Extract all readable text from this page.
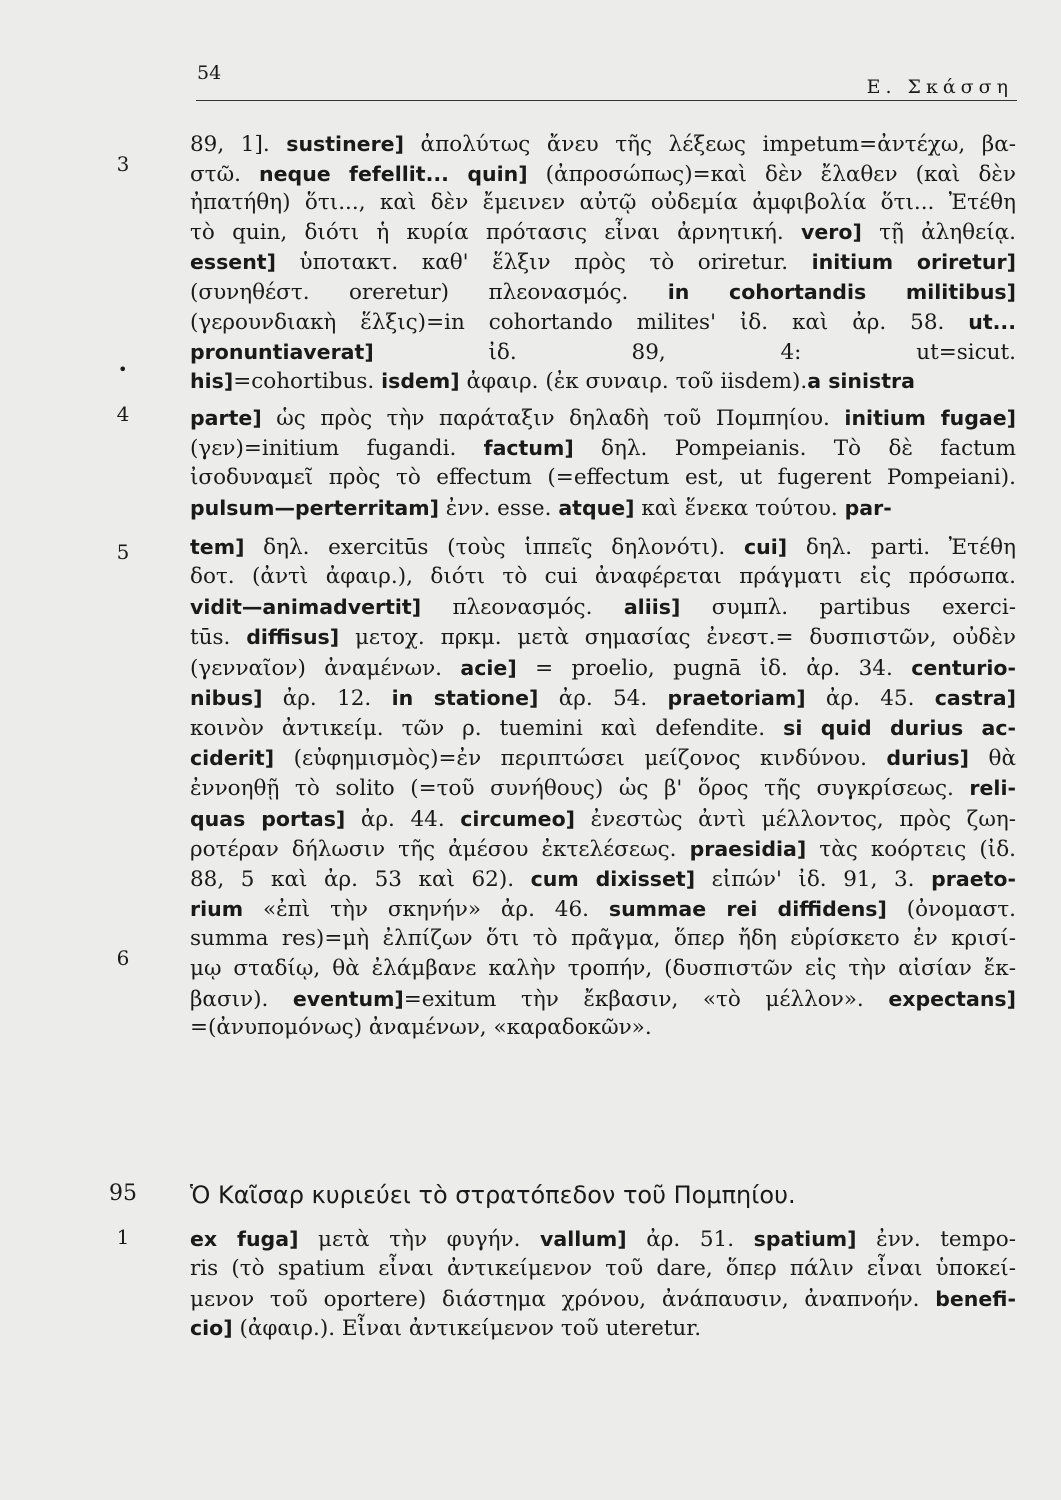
54
Ε. Σκάσση
3
•
4
5
6
95
1
Ὁ Καῖσαρ κυριεύει τὸ στρατόπεδον τοῦ Πομπηίου.
89, 1]. sustinere] ἀπολύτως ἄνευ τῆς λέξεως impetum=ἀντέχω, βα-
στῶ. neque fefellit... quin] (ἀπροσώπως)=καὶ δὲν ἔλαθεν (καὶ δὲν
ἠπατήθη) ὅτι..., καὶ δὲν ἔμεινεν αὐτῷ οὐδεμία ἀμφιβολία ὅτι... Ἐτέθη
τὸ quin, διότι ἡ κυρία πρότασις εἶναι ἀρνητική. vero] τῇ ἀληθείᾳ.
essent] ὑποτακτ. καθ' ἕλξιν πρὸς τὸ oriretur. initium oriretur]
(συνηθέστ. oreretur) πλεονασμός. in cohortandis militibus]
(γερουνδιακὴ ἕλξις)=in cohortando milites' ἰδ. καὶ ἀρ. 58. ut...
pronuntiaverat] ἰδ. 89, 4: ut=sicut.
his]=cohortibus. isdem] ἀφαιρ. (ἐκ συναιρ. τοῦ iisdem).a sinistra
parte] ὡς πρὸς τὴν παράταξιν δηλαδὴ τοῦ Πομπηίου. initium fugae]
(γεν)=initium fugandi. factum] δηλ. Pompeianis. Τὸ δὲ factum
ἰσοδυναμεῖ πρὸς τὸ effectum (=effectum est, ut fugerent Pompeiani).
pulsum—perterritam] ἐνν. esse. atque] καὶ ἕνεκα τούτου. par-
tem] δηλ. exercitūs (τοὺς ἱππεῖς δηλονότι). cui] δηλ. parti. Ἐτέθη
δοτ. (ἀντὶ ἀφαιρ.), διότι τὸ cui ἀναφέρεται πράγματι εἰς πρόσωπα.
vidit—animadvertit] πλεονασμός. aliis] συμπλ. partibus exerci-
tūs. diffisus] μετοχ. πρκμ. μετὰ σημασίας ἐνεστ.= δυσπιστῶν, οὐδὲν
(γενναῖον) ἀναμένων. acie] = proelio, pugnā ἰδ. ἀρ. 34. centurio-
nibus] ἀρ. 12. in statione] ἀρ. 54. praetoriam] ἀρ. 45. castra]
κοινὸν ἀντικείμ. τῶν ρ. tuemini καὶ defendite. si quid durius ac-
ciderit] (εὐφημισμὸς)=ἐν περιπτώσει μείζονος κινδύνου. durius] θὰ
ἐννοηθῇ τὸ solito (=τοῦ συνήθους) ὡς β' ὅρος τῆς συγκρίσεως. reli-
quas portas] ἀρ. 44. circumeo] ἐνεστὼς ἀντὶ μέλλοντος, πρὸς ζωη-
ροτέραν δήλωσιν τῆς ἀμέσου ἐκτελέσεως. praesidia] τὰς κοόρτεις (ἰδ.
88, 5 καὶ ἀρ. 53 καὶ 62). cum dixisset] εἰπών' ἰδ. 91, 3. praeto-
rium «ἐπὶ τὴν σκηνήν» ἀρ. 46. summae rei diffidens] (ὀνομαστ.
summa res)=μὴ ἐλπίζων ὅτι τὸ πρᾶγμα, ὅπερ ἤδη εὑρίσκετο ἐν κρισί-
μῳ σταδίῳ, θὰ ἐλάμβανε καλὴν τροπήν, (δυσπιστῶν εἰς τὴν αἰσίαν ἔκ-
βασιν). eventum]=exitum τὴν ἔκβασιν, «τὸ μέλλον». expectans]
=(ἀνυπομόνως) ἀναμένων, «καραδοκῶν».
ex fuga] μετὰ τὴν φυγήν. vallum] ἀρ. 51. spatium] ἐνν. tempo-
ris (τὸ spatium εἶναι ἀντικείμενον τοῦ dare, ὅπερ πάλιν εἶναι ὑποκεί-
μενον τοῦ oportere) διάστημα χρόνου, ἀνάπαυσιν, ἀναπνοήν. benefi-
cio] (ἀφαιρ.). Εἶναι ἀντικείμενον τοῦ uteretur.
